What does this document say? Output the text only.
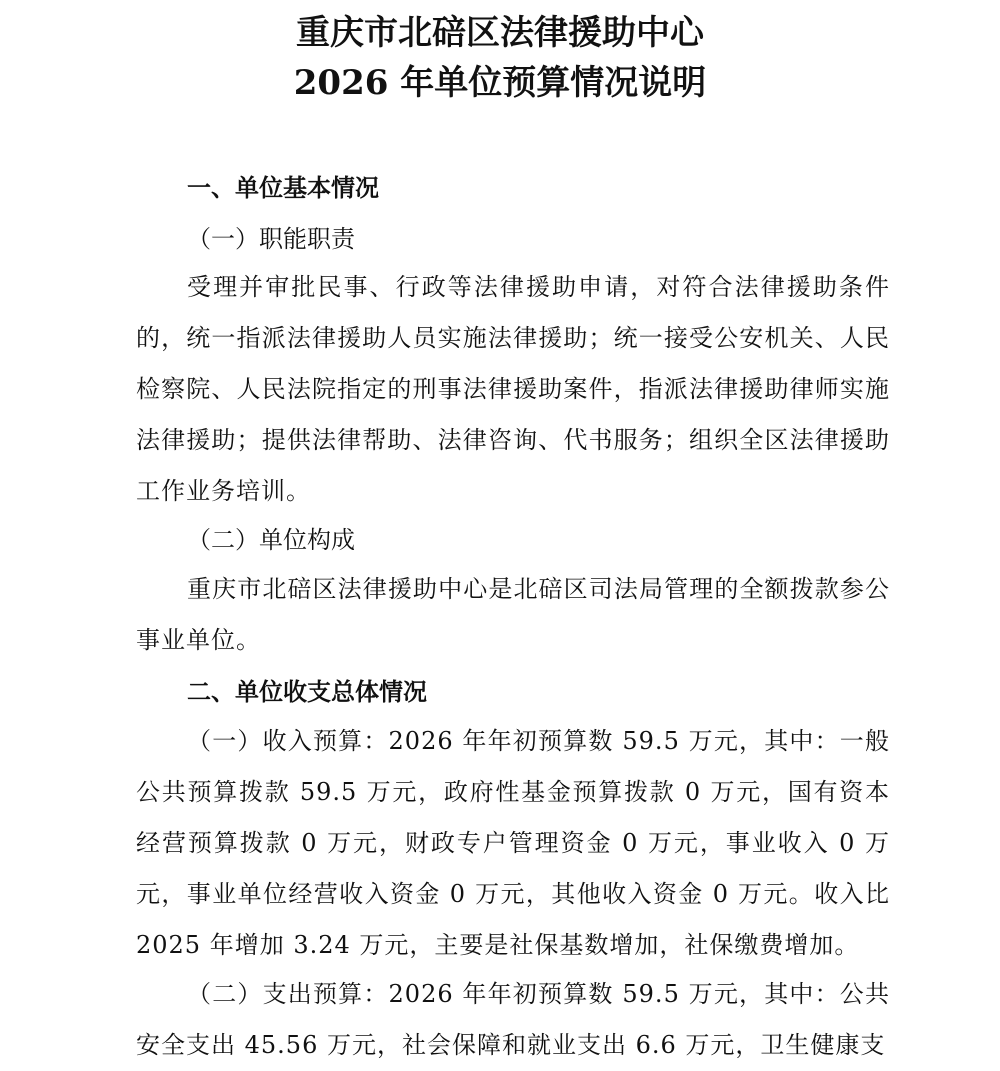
重庆市北碚区法律援助中心
2026 年单位预算情况说明
一、单位基本情况
（一）职能职责
受理并审批民事、行政等法律援助申请，对符合法律援助条件的，统一指派法律援助人员实施法律援助；统一接受公安机关、人民检察院、人民法院指定的刑事法律援助案件，指派法律援助律师实施法律援助；提供法律帮助、法律咨询、代书服务；组织全区法律援助工作业务培训。
（二）单位构成
重庆市北碚区法律援助中心是北碚区司法局管理的全额拨款参公事业单位。
二、单位收支总体情况
（一）收入预算：2026 年年初预算数 59.5 万元，其中：一般公共预算拨款 59.5 万元，政府性基金预算拨款 0 万元，国有资本经营预算拨款 0 万元，财政专户管理资金 0 万元，事业收入 0 万元，事业单位经营收入资金 0 万元，其他收入资金 0 万元。收入比 2025 年增加 3.24 万元，主要是社保基数增加，社保缴费增加。
（二）支出预算：2026 年年初预算数 59.5 万元，其中：公共安全支出 45.56 万元，社会保障和就业支出 6.6 万元，卫生健康支
